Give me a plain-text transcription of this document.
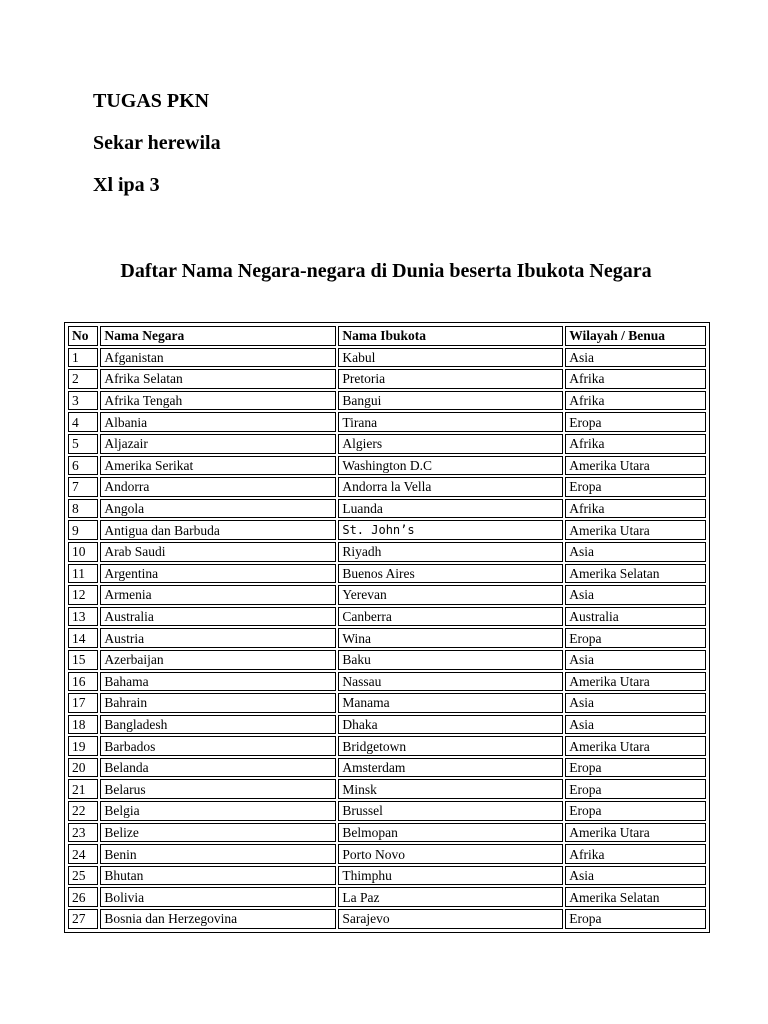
TUGAS PKN
Sekar herewila
Xl ipa 3
Daftar Nama Negara-negara di Dunia beserta Ibukota Negara
No	Nama Negara	Nama Ibukota	Wilayah / Benua
1	Afganistan	Kabul	Asia
2	Afrika Selatan	Pretoria	Afrika
3	Afrika Tengah	Bangui	Afrika
4	Albania	Tirana	Eropa
5	Aljazair	Algiers	Afrika
6	Amerika Serikat	Washington D.C	Amerika Utara
7	Andorra	Andorra la Vella	Eropa
8	Angola	Luanda	Afrika
9	Antigua dan Barbuda	St. John’s	Amerika Utara
10	Arab Saudi	Riyadh	Asia
11	Argentina	Buenos Aires	Amerika Selatan
12	Armenia	Yerevan	Asia
13	Australia	Canberra	Australia
14	Austria	Wina	Eropa
15	Azerbaijan	Baku	Asia
16	Bahama	Nassau	Amerika Utara
17	Bahrain	Manama	Asia
18	Bangladesh	Dhaka	Asia
19	Barbados	Bridgetown	Amerika Utara
20	Belanda	Amsterdam	Eropa
21	Belarus	Minsk	Eropa
22	Belgia	Brussel	Eropa
23	Belize	Belmopan	Amerika Utara
24	Benin	Porto Novo	Afrika
25	Bhutan	Thimphu	Asia
26	Bolivia	La Paz	Amerika Selatan
27	Bosnia dan Herzegovina	Sarajevo	Eropa
